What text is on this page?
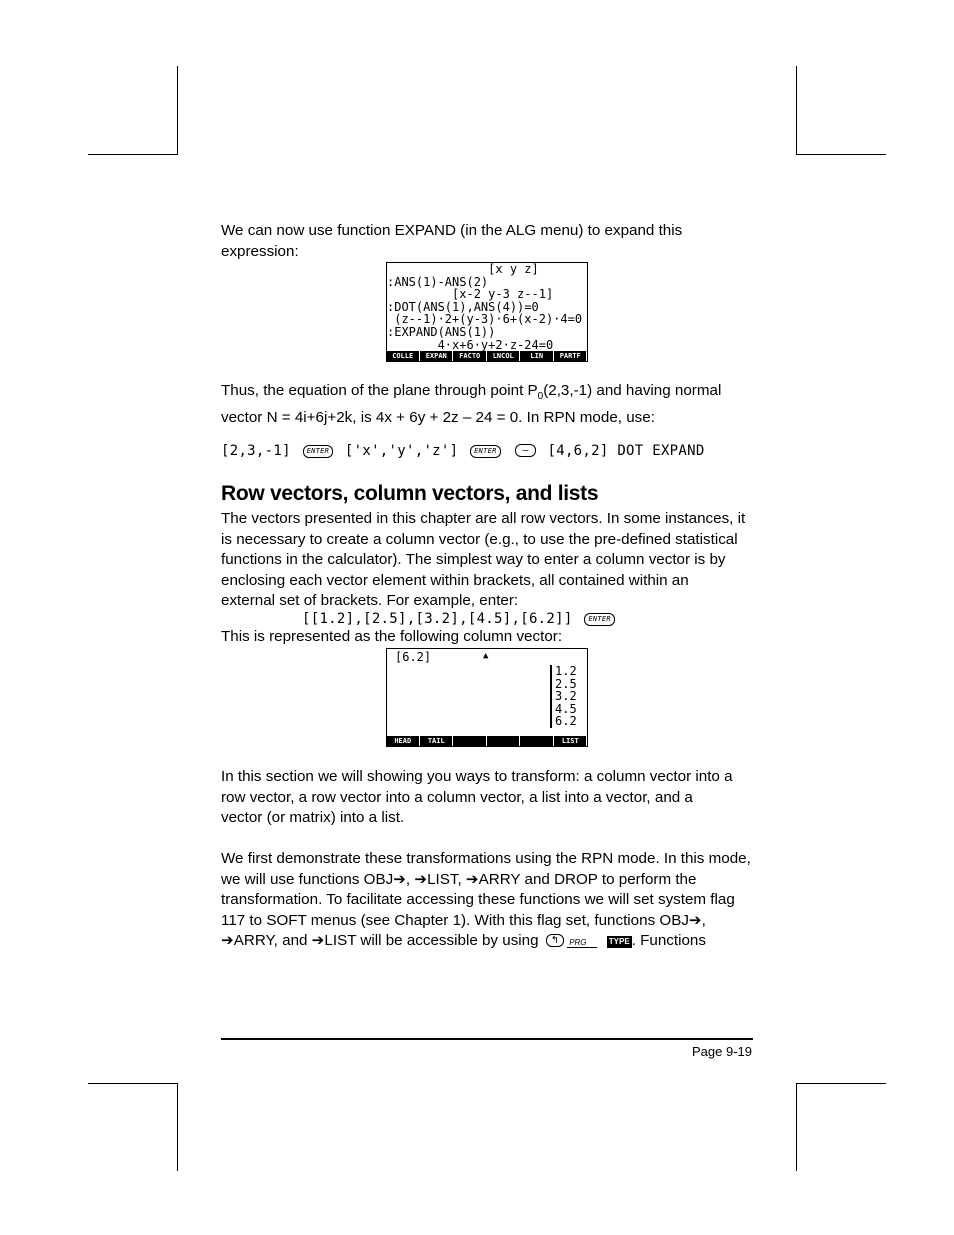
We can now use function EXPAND (in the ALG menu) to expand this
expression:
[x y z]
:ANS(1)-ANS(2)
[x-2 y-3 z--1]
:DOT(ANS(1),ANS(4))=0
(z--1)·2+(y-3)·6+(x-2)·4=0
:EXPAND(ANS(1))
4·x+6·y+2·z-24=0
COLLE	EXPAN	FACTO	LNCOL	LIN	PARTF
Thus, the equation of the plane through point $P_0(2,3,-1)$ and having normal
vector N = 4i+6j+2k, is 4x + 6y + 2z – 24 = 0. In RPN mode, use:
[2,3,-1] ENTER ['x','y','z'] ENTER	– [4,6,2] DOT EXPAND
Row vectors, column vectors, and lists
The vectors presented in this chapter are all row vectors. In some instances, it
is necessary to create a column vector (e.g., to use the pre-defined statistical
functions in the calculator). The simplest way to enter a column vector is by
enclosing each vector element within brackets, all contained within an
external set of brackets. For example, enter:
[[1.2],[2.5],[3.2],[4.5],[6.2]] ENTER
This is represented as the following column vector:
[6.2]	▲
1.2
2.5
3.2
4.5
6.2
HEAD	TAIL	LIST
In this section we will showing you ways to transform: a column vector into a
row vector, a row vector into a column vector, a list into a vector, and a
vector (or matrix) into a list.
We first demonstrate these transformations using the RPN mode. In this mode,
we will use functions OBJ➔, ➔LIST, ➔ARRY and DROP to perform the
transformation. To facilitate accessing these functions we will set system flag
117 to SOFT menus (see Chapter 1). With this flag set, functions OBJ➔,
➔ARRY, and ➔LIST will be accessible by using ↰ PRG	TYPE . Functions
Page 9-19
